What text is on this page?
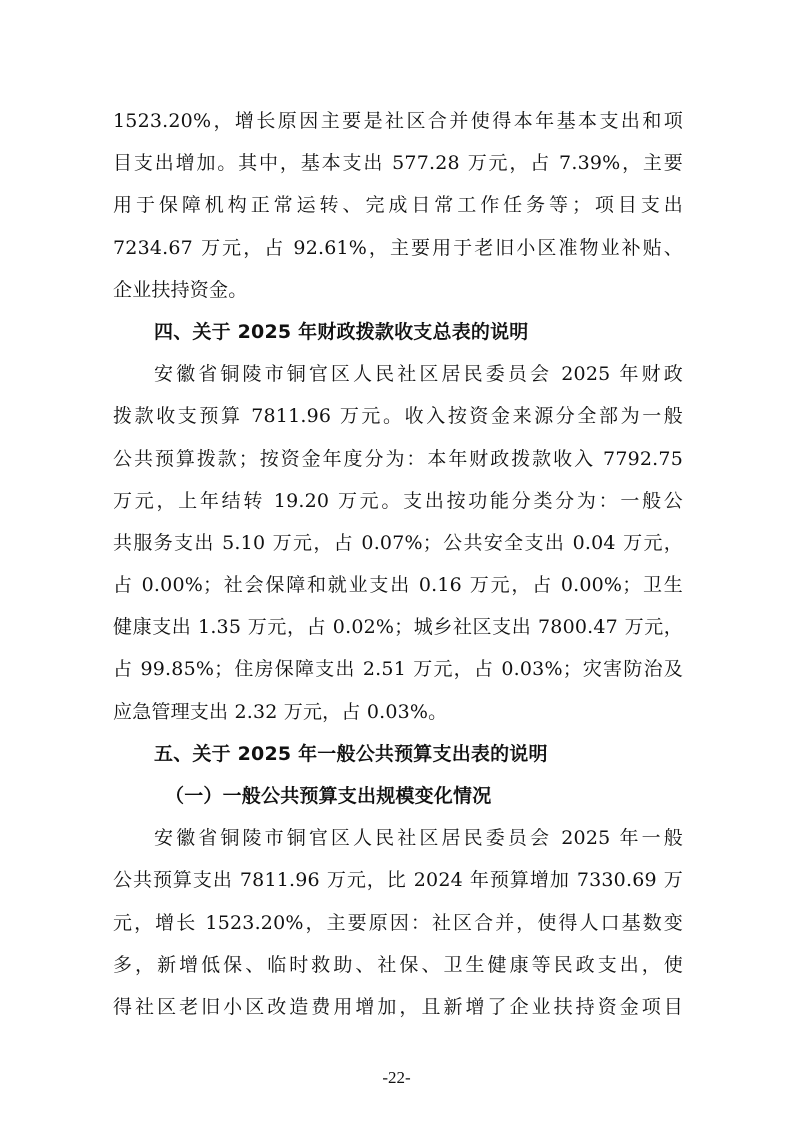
1523.20%，增长原因主要是社区合并使得本年基本支出和项
目支出增加。其中，基本支出 577.28 万元，占 7.39%，主要
用于保障机构正常运转、完成日常工作任务等；项目支出
7234.67 万元，占 92.61%，主要用于老旧小区准物业补贴、
企业扶持资金。
四、关于 2025 年财政拨款收支总表的说明
安徽省铜陵市铜官区人民社区居民委员会 2025 年财政
拨款收支预算 7811.96 万元。收入按资金来源分全部为一般
公共预算拨款；按资金年度分为：本年财政拨款收入 7792.75
万元，上年结转 19.20 万元。支出按功能分类分为：一般公
共服务支出 5.10 万元，占 0.07%；公共安全支出 0.04 万元，
占 0.00%；社会保障和就业支出 0.16 万元，占 0.00%；卫生
健康支出 1.35 万元，占 0.02%；城乡社区支出 7800.47 万元，
占 99.85%；住房保障支出 2.51 万元，占 0.03%；灾害防治及
应急管理支出 2.32 万元，占 0.03%。
五、关于 2025 年一般公共预算支出表的说明
（一）一般公共预算支出规模变化情况
安徽省铜陵市铜官区人民社区居民委员会 2025 年一般
公共预算支出 7811.96 万元，比 2024 年预算增加 7330.69 万
元，增长 1523.20%，主要原因：社区合并，使得人口基数变
多，新增低保、临时救助、社保、卫生健康等民政支出，使
得社区老旧小区改造费用增加，且新增了企业扶持资金项目
-22-
